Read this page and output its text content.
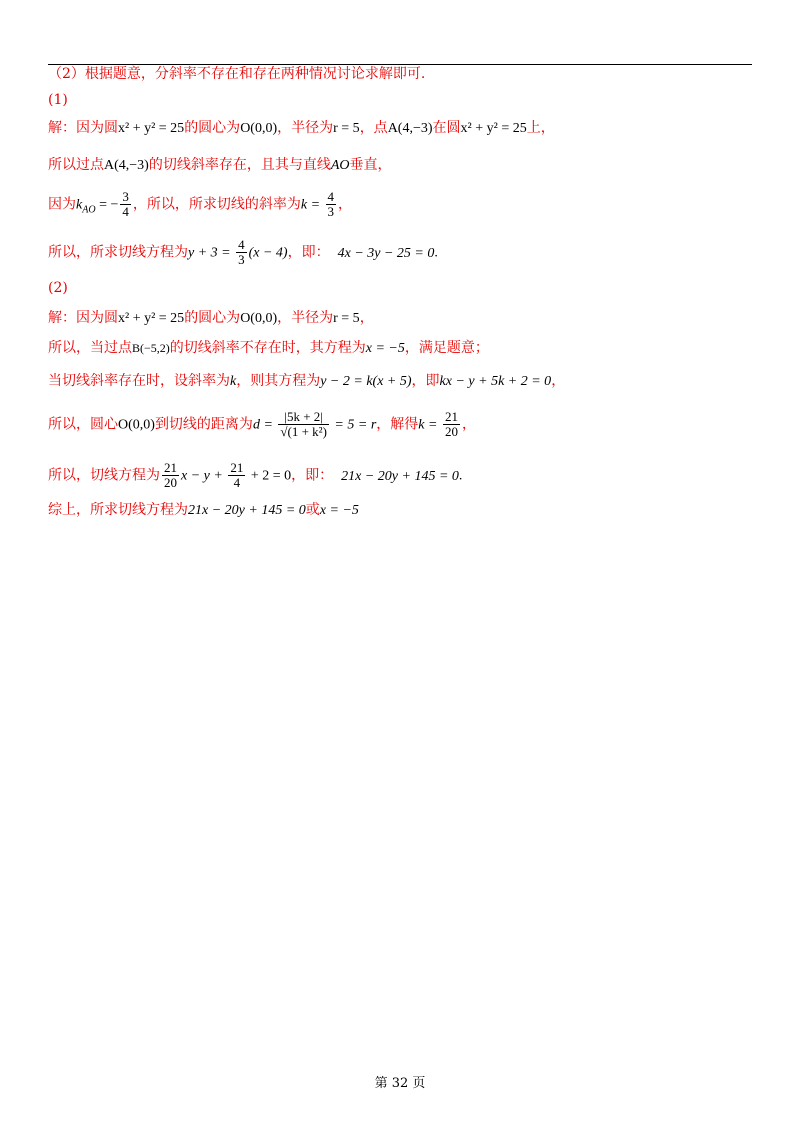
（2）根据题意，分斜率不存在和存在两种情况讨论求解即可.
(1)
解：因为圆x² + y² = 25的圆心为O(0,0)，半径为r = 5，点A(4,−3)在圆x² + y² = 25上，
所以过点A(4,−3)的切线斜率存在，且其与直线AO垂直，
因为$k_{AO}$ = − $\frac{3}{4}$ ，所以，所求切线的斜率为$k = \frac{4}{3}$ ，
所以，所求切线方程为$y + 3 = \frac{4}{3} (x - 4)$，即： 4x − 3y − 25 = 0.
(2)
解：因为圆x² + y² = 25的圆心为O(0,0)，半径为r = 5，
所以，当过点B(−5,2)的切线斜率不存在时，其方程为x = −5，满足题意；
当切线斜率存在时，设斜率为k，则其方程为y − 2 = k(x + 5)，即kx − y + 5k + 2 = 0，
所以，圆心O(0,0)到切线的距离为$d = \frac{|5k + 2|}{\text{√(1 + k²)}} = 5 = r$，解得$k = \frac{21}{20}$ ，
所以，切线方程为 $\frac{21}{20}$ $x - y + \frac{21}{4} + 2 = 0$，即： 21x − 20y + 145 = 0.
综上，所求切线方程为21x − 20y + 145 = 0或x = −5
第 32 页
